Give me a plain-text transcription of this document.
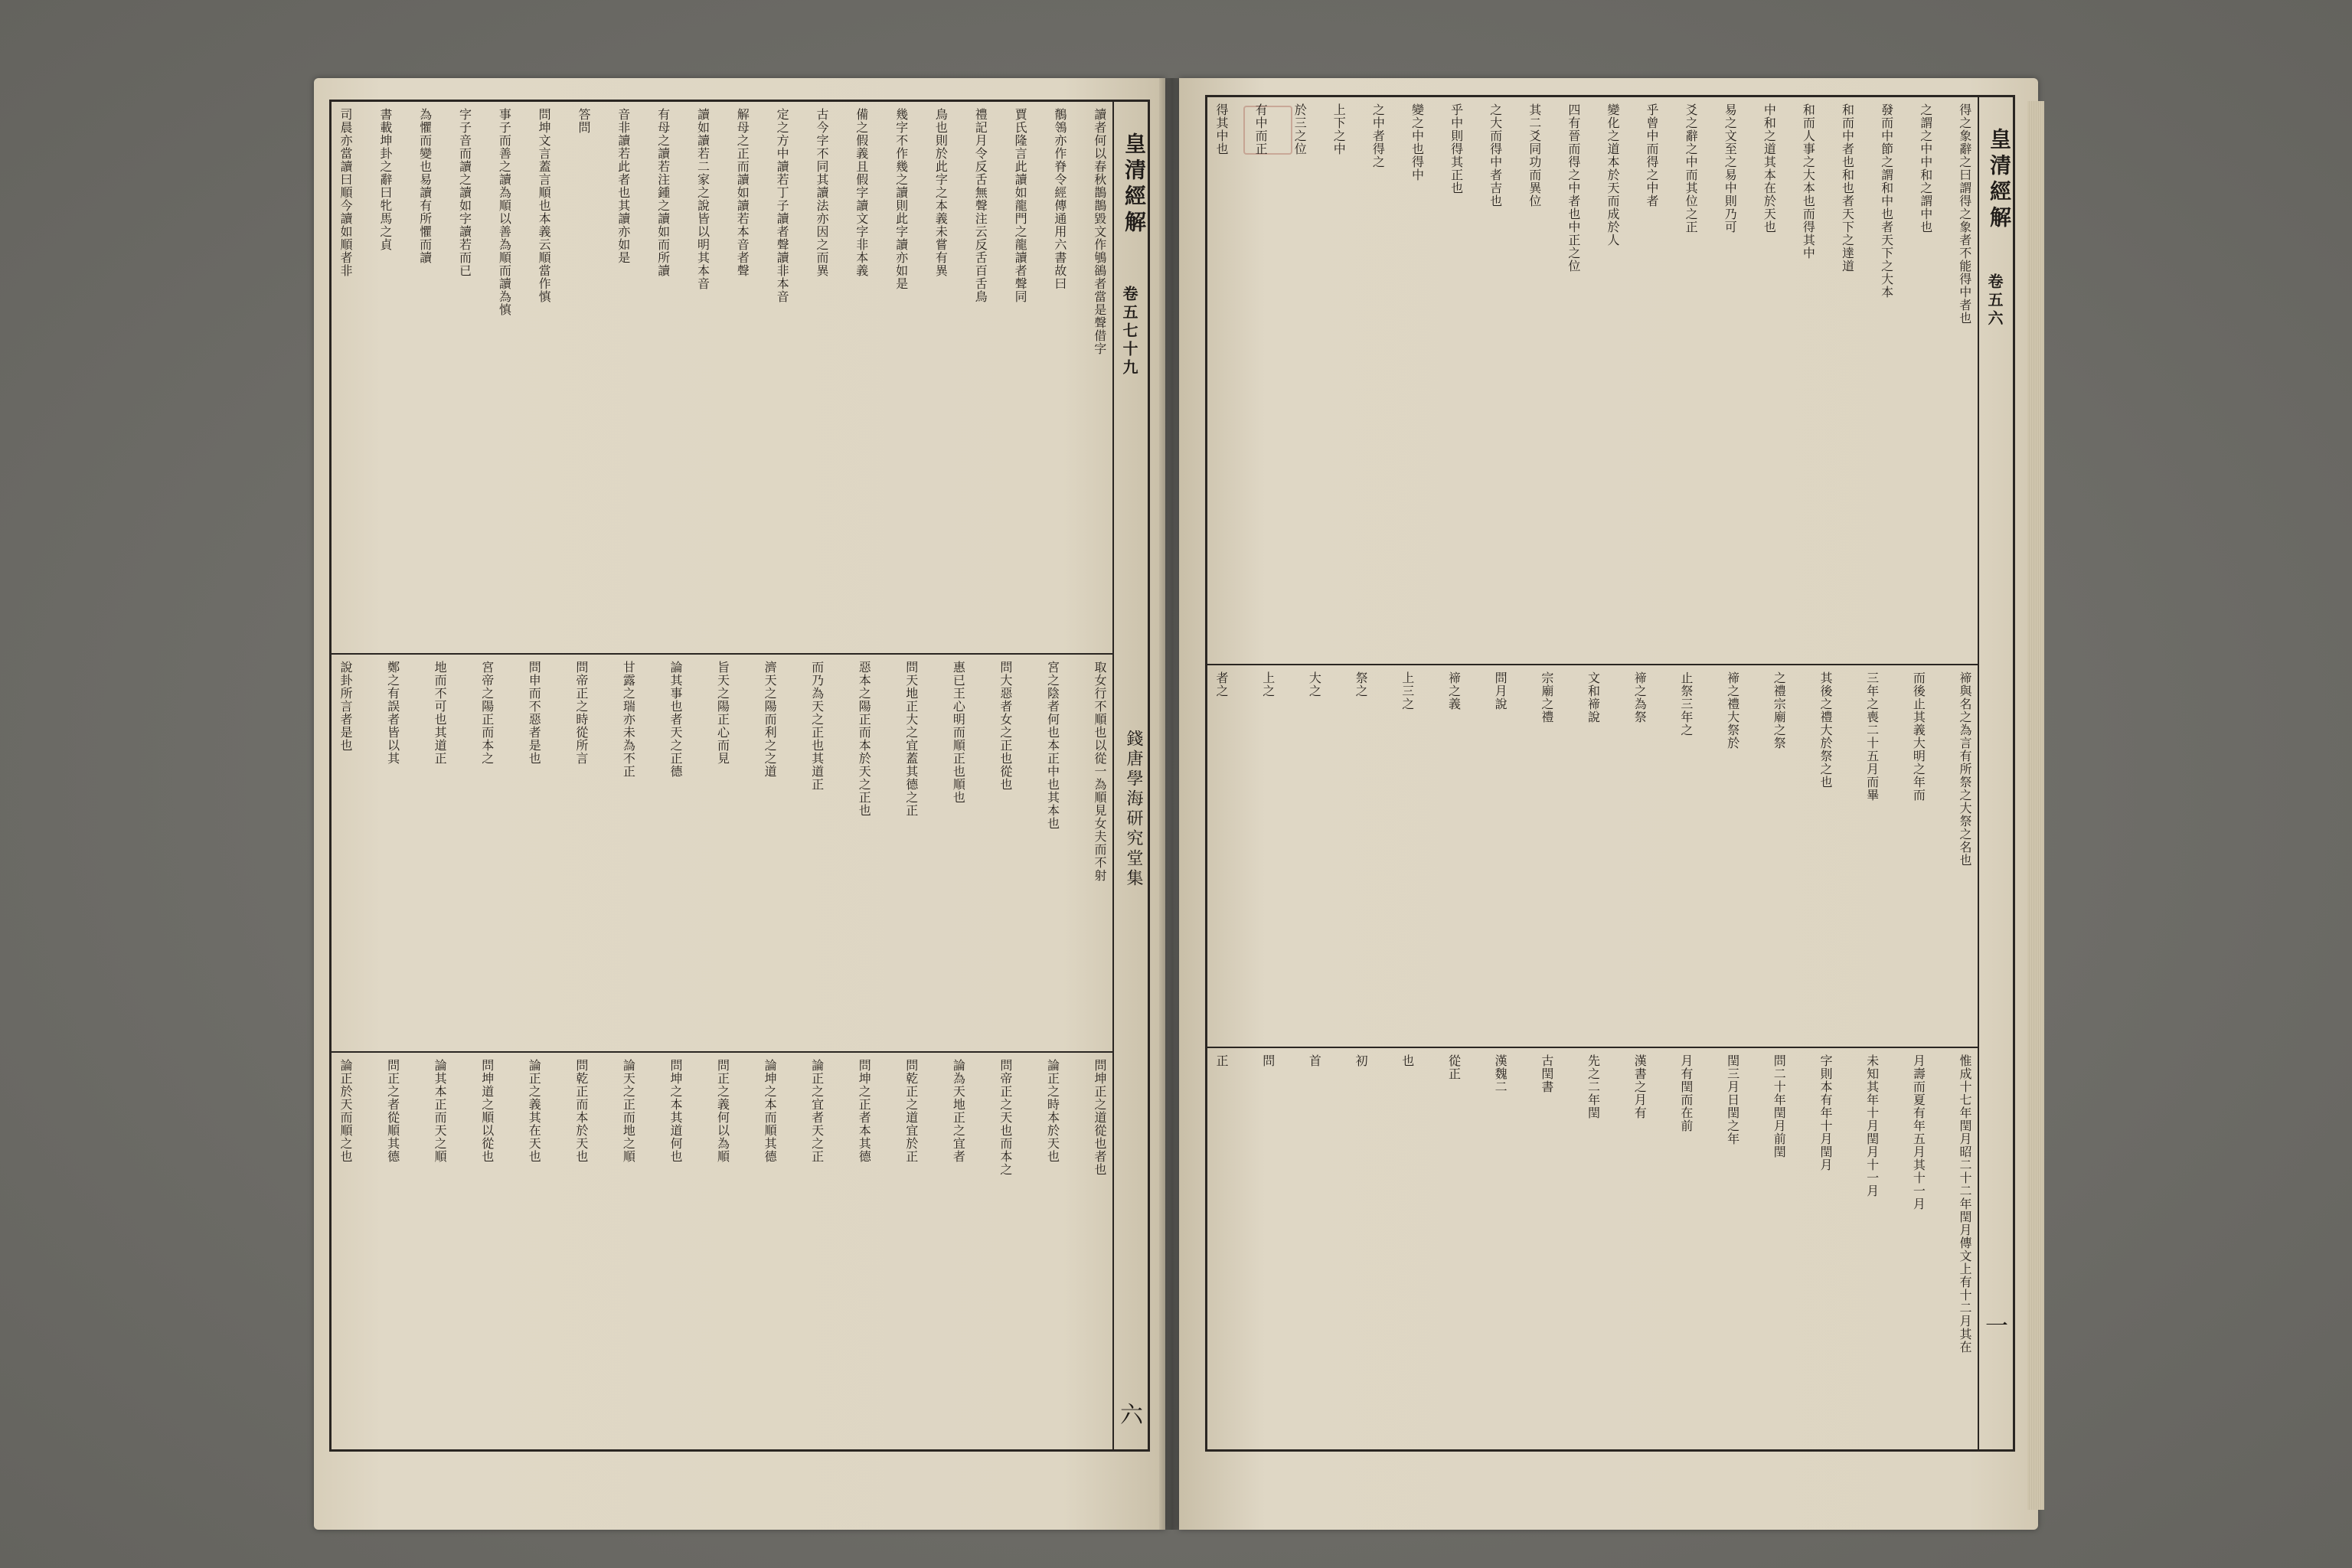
皇清經解
卷五七十九
錢唐學海研究堂集
六
讀者何以春秋鵲鵲毀文作鴝鵒者當是聲借字
鶺鴒亦作脊令經傳通用六書故曰
賈氏隆言此讀如龍門之龍讀者聲同
禮記月令反舌無聲注云反舌百舌鳥
鳥也則於此字之本義未嘗有異
幾字不作幾之讀則此字讀亦如是
備之假義且假字讀文字非本義
古今字不同其讀法亦因之而異
定之方中讀若丁子讀者聲讀非本音
解母之正而讀如讀若本音者聲
讀如讀若二家之說皆以明其本音
有母之讀若注鍾之讀如而所讀
音非讀若此者也其讀亦如是
答問
問坤文言蓋言順也本義云順當作慎
事子而善之讀為順以善為順而讀為慎
字子音而讀之讀如字讀若而已
為懼而變也易讀有所懼而讀
書載坤卦之辭曰牝馬之貞
司晨亦當讀曰順今讀如順者非
取女行不順也以從一為順見女夫而不射
宮之陰者何也本正中也其本也
問大惡者女之正也從也
惠已王心明而順正也順也
問天地正大之宜蓋其德之正
惡本之陽正而本於天之正也
而乃為天之正也其道正
濟天之陽而利之之道
旨天之陽正心而見
論其事也者天之正德
甘露之瑞亦未為不正
問帝正之時從所言
問申而不惡者是也
宮帝之陽正而本之
地而不可也其道正
鄭之有誤者皆以其
說卦所言者是也
問坤正之道從也者也
論正之時本於天也
問帝正之天也而本之
論為天地正之宜者
問乾正之道宜於正
問坤之正者本其德
論正之宜者天之正
論坤之本而順其德
問正之義何以為順
問坤之本其道何也
論天之正而地之順
問乾正而本於天也
論正之義其在天也
問坤道之順以從也
論其本正而天之順
問正之者從順其德
論正於天而順之也
皇清經解
卷五六
一
得之象辭之曰謂得之象者不能得中者也
之謂之中中和之謂中也
發而中節之謂和中也者天下之大本
和而中者也和也者天下之達道
和而人事之大本也而得其中
中和之道其本在於天也
易之文至之易中則乃可
爻之辭之中而其位之正
乎曾中而得之中者
變化之道本於天而成於人
四有晉而得之中者也中正之位
其二爻同功而異位
之大而得中者吉也
乎中則得其正也
變之中也得中
之中者得之
上下之中
於三之位
有中而正
得其中也
禘與名之為言有所祭之大祭之名也
而後止其義大明之年而
三年之喪二十五月而畢
其後之禮大於祭之也
之禮宗廟之祭
禘之禮大祭於
止祭三年之
禘之為祭
文和禘說
宗廟之禮
問月說
禘之義
上三之
祭之
大之
上之
者之
惟成十七年閏月昭二十二年閏月傳文上有十二月其在
月壽而夏有年五月其十一月
未知其年十月閏月十一月
字則本有年十月閏月
問二十年閏月前閏
閏三月日閏之年
月有閏而在前
漢書之月有
先之二年閏
古閏書
漢魏二
從正
也
初
首
問
正
